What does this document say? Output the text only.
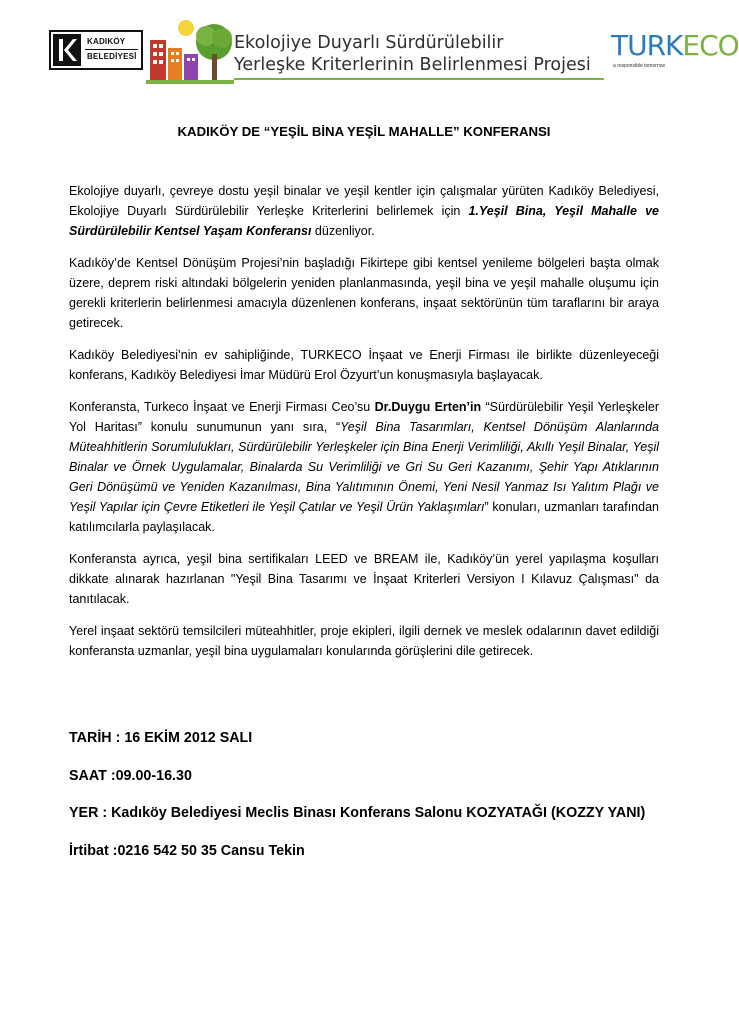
KADIKÖY
BELEDİYESİ
Ekolojiye Duyarlı Sürdürülebilir
Yerleşke Kriterlerinin Belirlenmesi Projesi
TURKECO
a responsible tomorrow
KADIKÖY DE “YEŞİL BİNA YEŞİL MAHALLE” KONFERANSI

Ekolojiye duyarlı, çevreye dostu yeşil binalar ve yeşil kentler için çalışmalar yürüten Kadıköy Belediyesi, Ekolojiye Duyarlı Sürdürülebilir Yerleşke Kriterlerini belirlemek için 1.Yeşil Bina, Yeşil Mahalle ve Sürdürülebilir Kentsel Yaşam Konferansı düzenliyor.

Kadıköy’de Kentsel Dönüşüm Projesi’nin başladığı Fikirtepe gibi kentsel yenileme bölgeleri başta olmak üzere, deprem riski altındaki bölgelerin yeniden planlanmasında, yeşil bina ve yeşil mahalle oluşumu için gerekli kriterlerin belirlenmesi amacıyla düzenlenen konferans, inşaat sektörünün tüm taraflarını bir araya getirecek.

Kadıköy Belediyesi’nin ev sahipliğinde, TURKECO İnşaat ve Enerji Firması ile birlikte düzenleyeceği konferans, Kadıköy Belediyesi İmar Müdürü Erol Özyurt’un konuşmasıyla başlayacak.

Konferansta, Turkeco İnşaat ve Enerji Firması Ceo’su Dr.Duygu Erten’in “Sürdürülebilir Yeşil Yerleşkeler Yol Haritası” konulu sunumunun yanı sıra, “Yeşil Bina Tasarımları, Kentsel Dönüşüm Alanlarında Müteahhitlerin Sorumlulukları, Sürdürülebilir Yerleşkeler için Bina Enerji Verimliliği, Akıllı Yeşil Binalar, Yeşil Binalar ve Örnek Uygulamalar, Binalarda Su Verimliliği ve Gri Su Geri Kazanımı, Şehir Yapı Atıklarının Geri Dönüşümü ve Yeniden Kazanılması, Bina Yalıtımının Önemi, Yeni Nesil Yanmaz Isı Yalıtım Plağı ve Yeşil Yapılar için Çevre Etiketleri ile Yeşil Çatılar ve Yeşil Ürün Yaklaşımları” konuları, uzmanları tarafından katılımcılarla paylaşılacak.

Konferansta ayrıca, yeşil bina sertifikaları LEED ve BREAM ile, Kadıköy’ün yerel yapılaşma koşulları dikkate alınarak hazırlanan "Yeşil Bina Tasarımı ve İnşaat Kriterleri Versiyon I Kılavuz Çalışması" da tanıtılacak.

Yerel inşaat sektörü temsilcileri müteahhitler, proje ekipleri, ilgili dernek ve meslek odalarının davet edildiği konferansta uzmanlar, yeşil bina uygulamaları konularında görüşlerini dile getirecek.

TARİH : 16 EKİM 2012 SALI
SAAT :09.00-16.30
YER : Kadıköy Belediyesi Meclis Binası Konferans Salonu KOZYATAĞI (KOZZY YANI)
İrtibat :0216 542 50 35 Cansu Tekin
